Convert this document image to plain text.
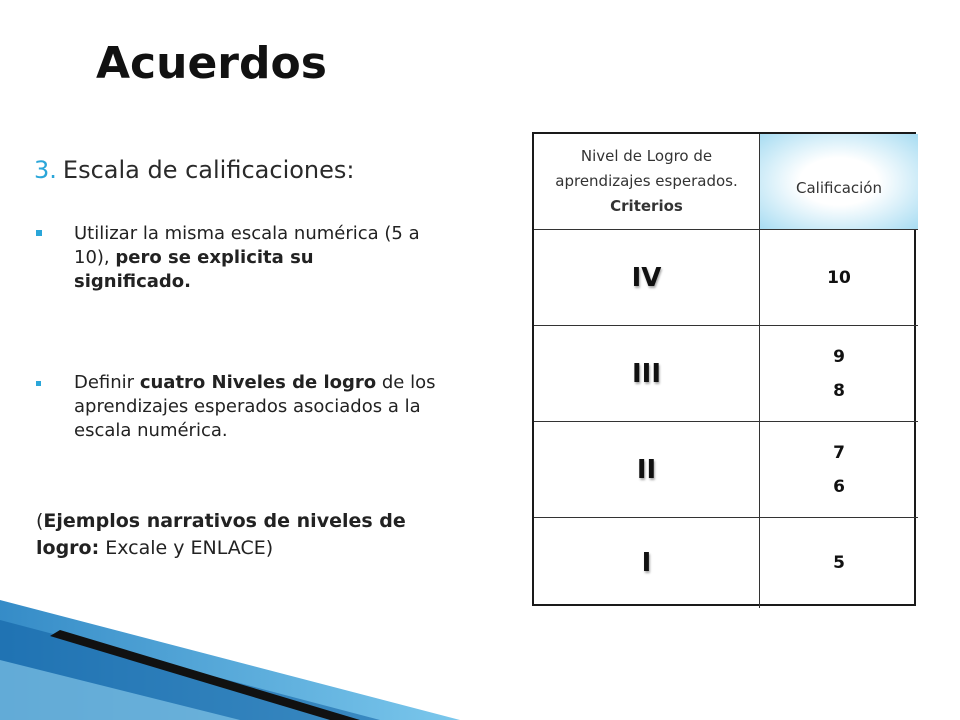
Acuerdos
3. Escala de calificaciones:
Utilizar la misma escala numérica (5 a 10), pero se explicita su significado.
Definir cuatro Niveles de logro de los aprendizajes esperados asociados a la escala numérica.
(Ejemplos narrativos de niveles de logro: Excale y ENLACE)
Nivel de Logro de aprendizajes esperados. Criterios
Calificación
IV	10
III
9
8
II
7
6
I	5
